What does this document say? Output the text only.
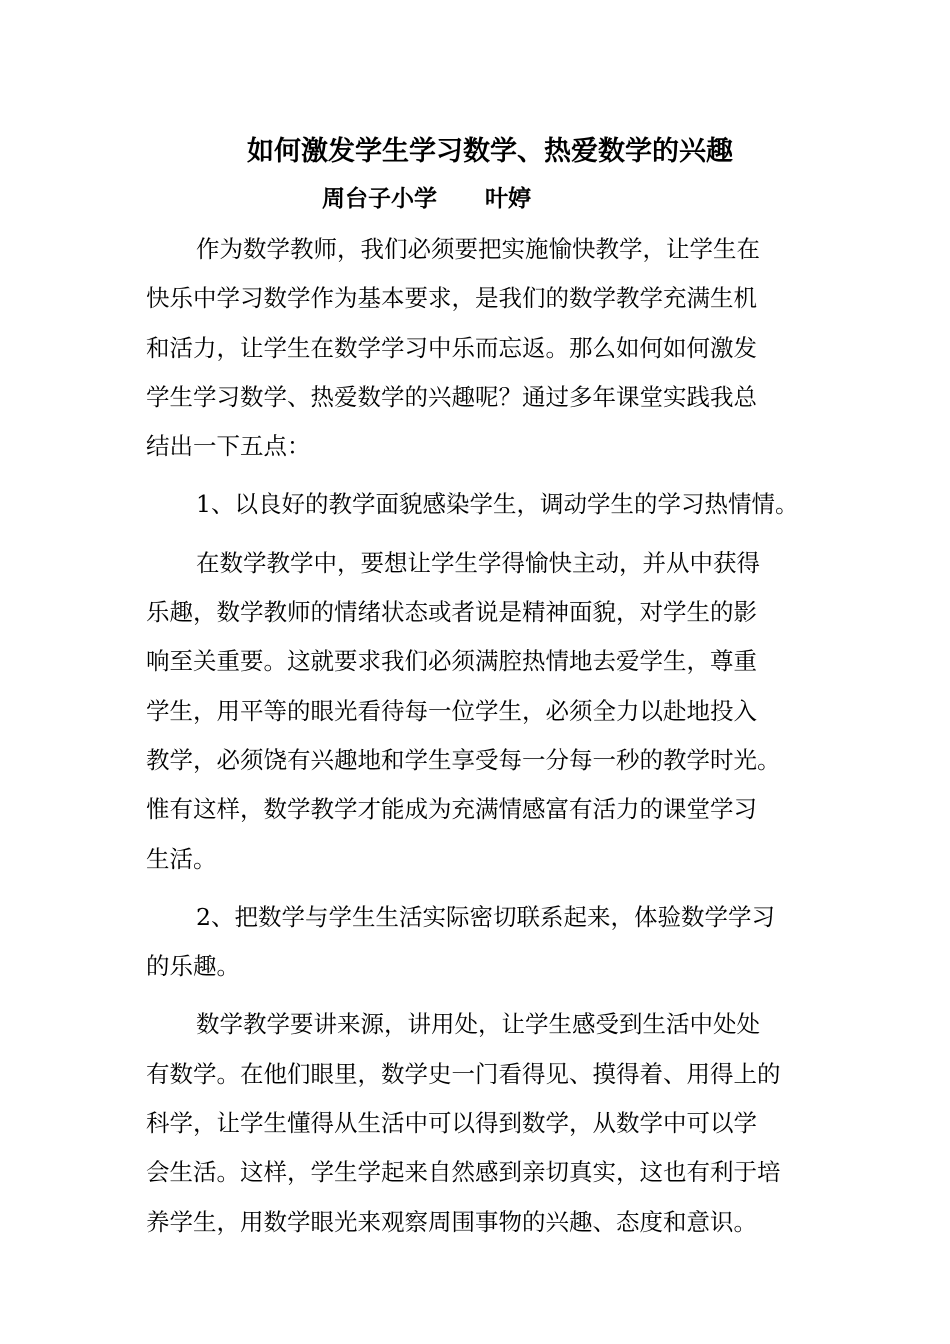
如何激发学生学习数学、热爱数学的兴趣
周台子小学 叶婷
作为数学教师，我们必须要把实施愉快教学，让学生在
快乐中学习数学作为基本要求，是我们的数学教学充满生机
和活力，让学生在数学学习中乐而忘返。那么如何如何激发
学生学习数学、热爱数学的兴趣呢？通过多年课堂实践我总
结出一下五点：
1、以良好的教学面貌感染学生，调动学生的学习热情情。
在数学教学中，要想让学生学得愉快主动，并从中获得
乐趣，数学教师的情绪状态或者说是精神面貌，对学生的影
响至关重要。这就要求我们必须满腔热情地去爱学生，尊重
学生，用平等的眼光看待每一位学生，必须全力以赴地投入
教学，必须饶有兴趣地和学生享受每一分每一秒的教学时光。
惟有这样，数学教学才能成为充满情感富有活力的课堂学习
生活。
2、把数学与学生生活实际密切联系起来，体验数学学习
的乐趣。
数学教学要讲来源，讲用处，让学生感受到生活中处处
有数学。在他们眼里，数学史一门看得见、摸得着、用得上的
科学，让学生懂得从生活中可以得到数学，从数学中可以学
会生活。这样，学生学起来自然感到亲切真实，这也有利于培
养学生，用数学眼光来观察周围事物的兴趣、态度和意识。
